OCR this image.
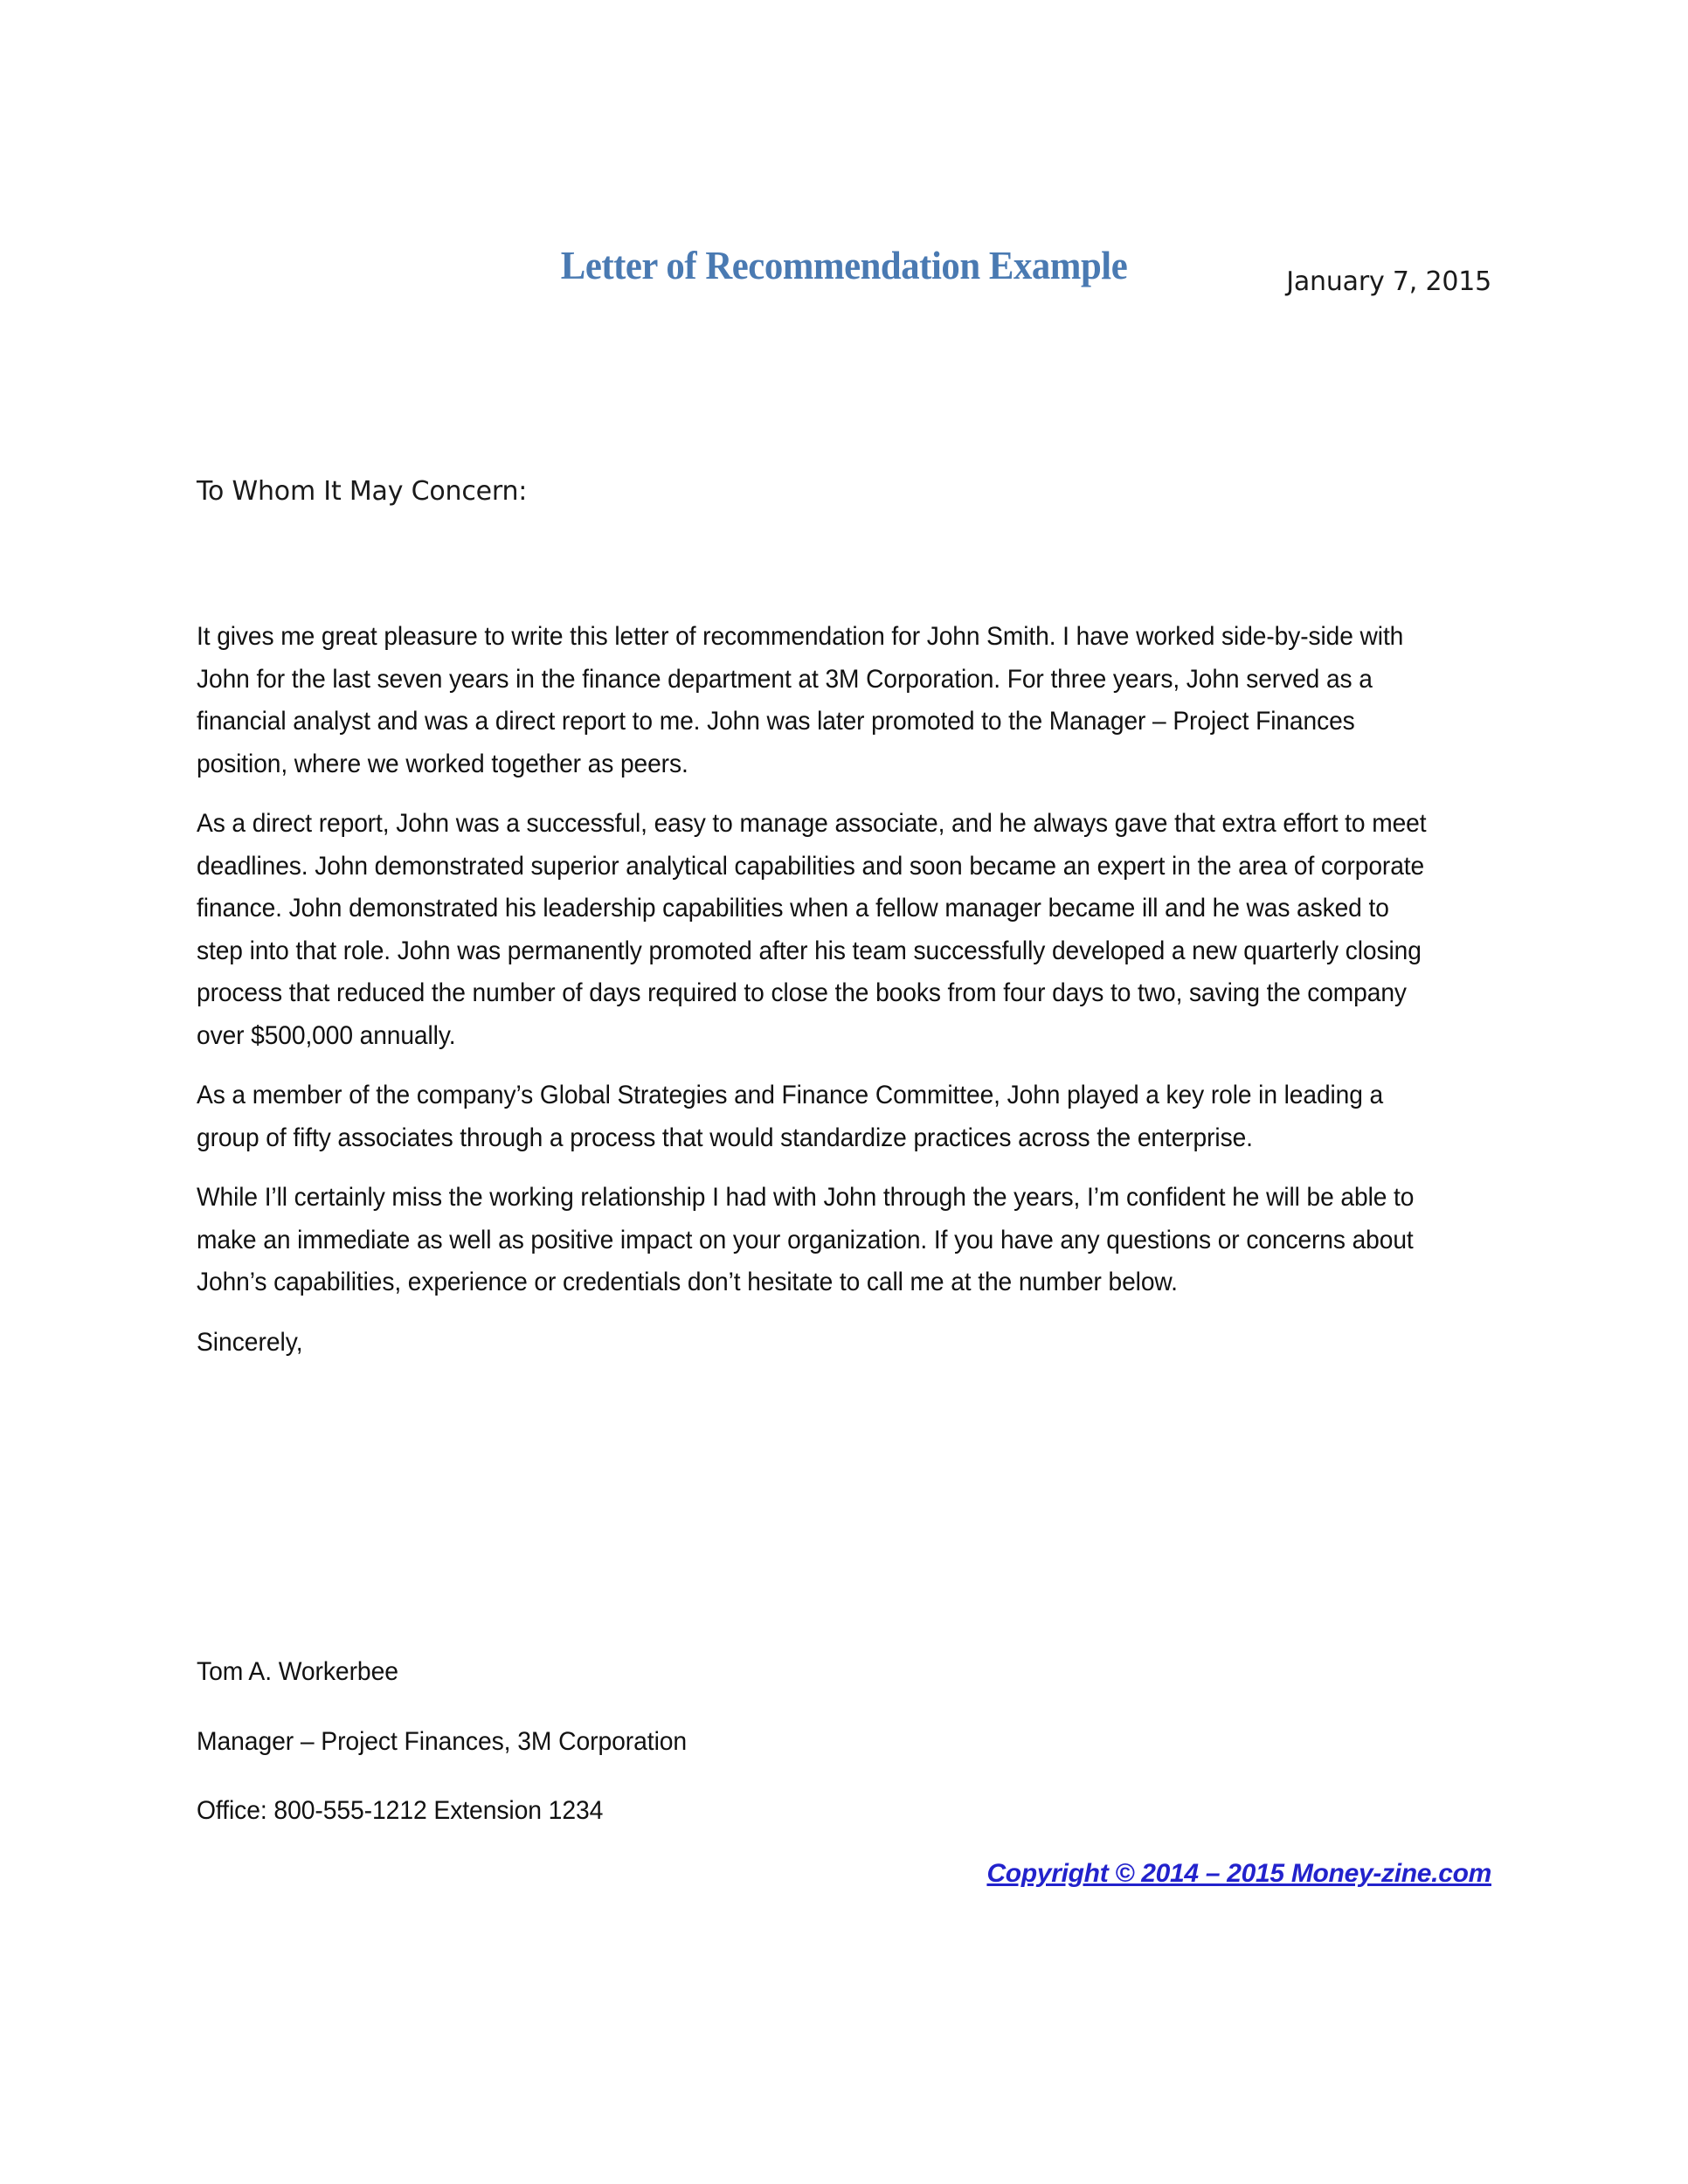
Letter of Recommendation Example	January 7, 2015
To Whom It May Concern:

It gives me great pleasure to write this letter of recommendation for John Smith. I have worked side-by-side with John for the last seven years in the finance department at 3M Corporation. For three years, John served as a financial analyst and was a direct report to me. John was later promoted to the Manager – Project Finances position, where we worked together as peers.

As a direct report, John was a successful, easy to manage associate, and he always gave that extra effort to meet deadlines. John demonstrated superior analytical capabilities and soon became an expert in the area of corporate finance. John demonstrated his leadership capabilities when a fellow manager became ill and he was asked to step into that role. John was permanently promoted after his team successfully developed a new quarterly closing process that reduced the number of days required to close the books from four days to two, saving the company over $500,000 annually.

As a member of the company’s Global Strategies and Finance Committee, John played a key role in leading a group of fifty associates through a process that would standardize practices across the enterprise.

While I’ll certainly miss the working relationship I had with John through the years, I’m confident he will be able to make an immediate as well as positive impact on your organization. If you have any questions or concerns about John’s capabilities, experience or credentials don’t hesitate to call me at the number below.

Sincerely,

Tom A. Workerbee
Manager – Project Finances, 3M Corporation
Office: 800-555-1212 Extension 1234
Copyright © 2014 – 2015 Money-zine.com
